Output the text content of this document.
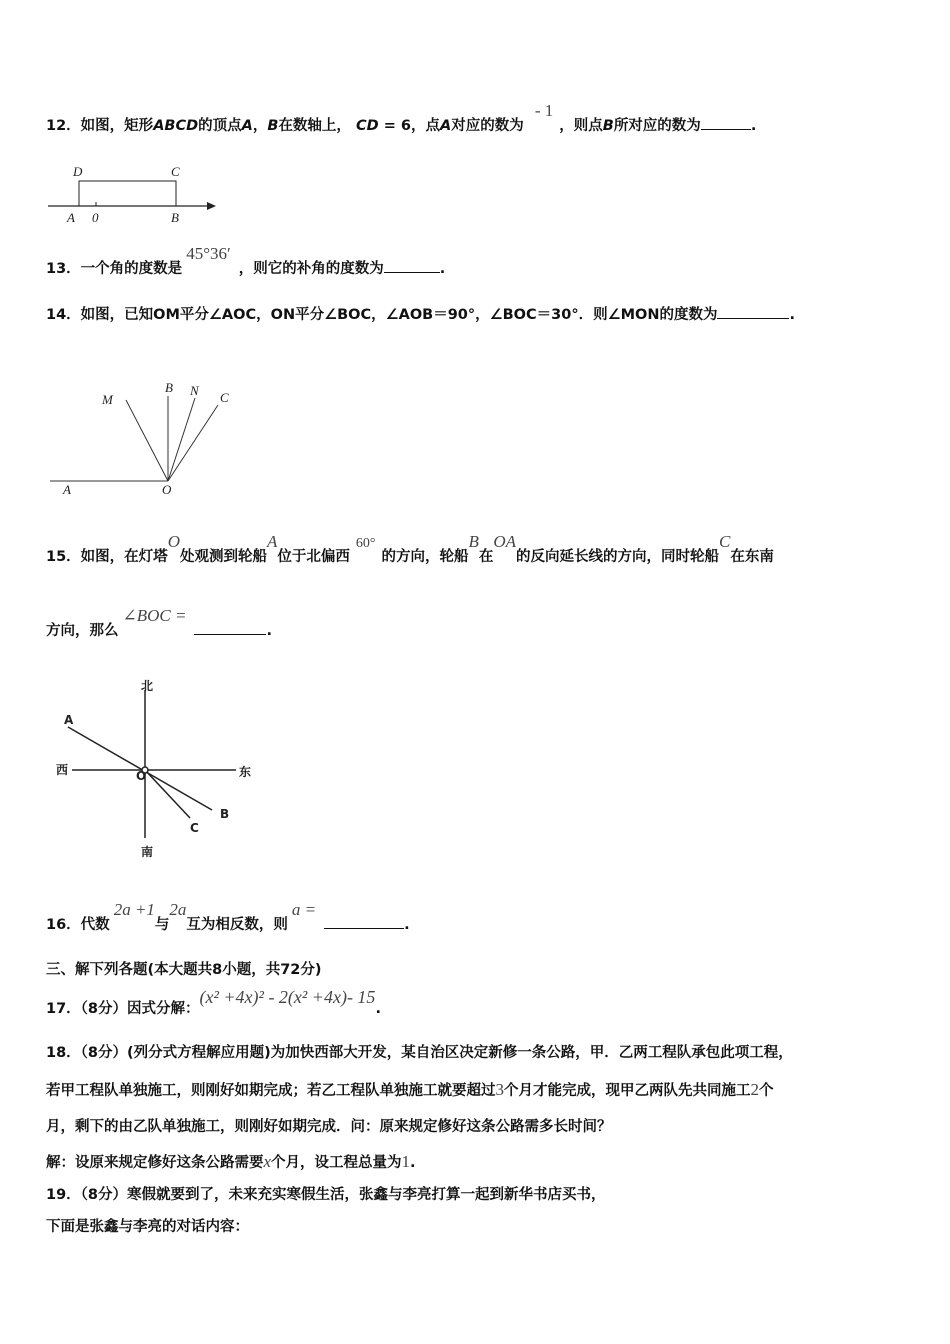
12．如图，矩形ABCD的顶点A，B在数轴上， CD = 6，点A对应的数为 - 1，则点B所对应的数为	.
D	C
A 0	B
M
B N C
A	O
北
西	东
南
A
O
B
C
13．一个角的度数是45°36′，则它的补角的度数为	.
14．如图，已知OM平分∠AOC，ON平分∠BOC，∠AOB＝90°，∠BOC＝30°．则∠MON的度数为	.
15．如图，在灯塔O处观测到轮船A位于北偏西60°的方向，轮船B在OA的反向延长线的方向，同时轮船C在东南
方向，那么∠BOC =.
16．代数2a +1与2a互为相反数，则a =.
三、解下列各题(本大题共8小题，共72分)
17．（8分）因式分解：(x² +4x)² - 2(x² +4x)- 15.
18．（8分）(列分式方程解应用题)为加快西部大开发，某自治区决定新修一条公路，甲．乙两工程队承包此项工程，
若甲工程队单独施工，则刚好如期完成；若乙工程队单独施工就要超过3个月才能完成，现甲乙两队先共同施工2个
月，剩下的由乙队单独施工，则刚好如期完成．问：原来规定修好这条公路需多长时间？
解：设原来规定修好这条公路需要x个月，设工程总量为1.
19．（8分）寒假就要到了，未来充实寒假生活，张鑫与李亮打算一起到新华书店买书，
下面是张鑫与李亮的对话内容：
